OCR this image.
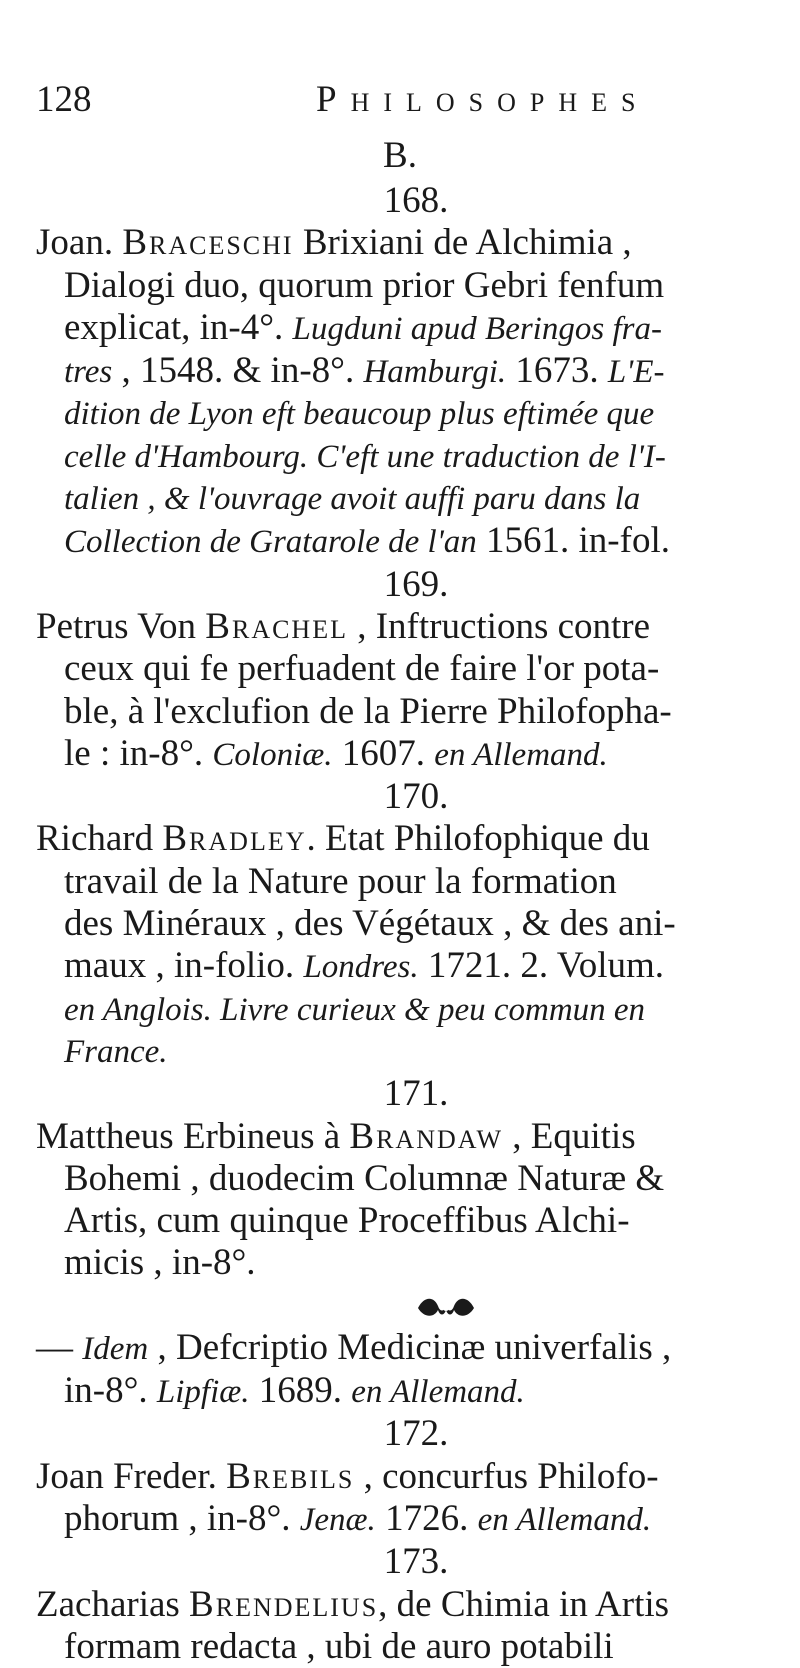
128	Philosophes
B.

168.

Joan. Braceschi Brixiani de Alchimia ,

Dialogi duo, quorum prior Gebri fenfum

explicat, in-4°. Lugduni apud Beringos fra-

tres , 1548. & in-8°. Hamburgi. 1673. L'E-

dition de Lyon eft beaucoup plus eftimée que

celle d'Hambourg. C'eft une traduction de l'I-

talien , & l'ouvrage avoit auffi paru dans la

Collection de Gratarole de l'an 1561. in-fol.

169.

Petrus Von Brachel , Inftructions contre

ceux qui fe perfuadent de faire l'or pota-

ble, à l'exclufion de la Pierre Philofopha-

le : in-8°. Coloniæ. 1607. en Allemand.

170.

Richard Bradley. Etat Philofophique du

travail de la Nature pour la formation

des Minéraux , des Végétaux , & des ani-

maux , in-folio. Londres. 1721. 2. Volum.

en Anglois. Livre curieux & peu commun en

France.

171.

Mattheus Erbineus à Brandaw , Equitis

Bohemi , duodecim Columnæ Naturæ &

Artis, cum quinque Proceffibus Alchi-

micis , in-8°.

— Idem , Defcriptio Medicinæ univerfalis ,

in-8°. Lipfiæ. 1689. en Allemand.

172.

Joan Freder. Brebils , concurfus Philofo-

phorum , in-8°. Jenæ. 1726. en Allemand.

173.

Zacharias Brendelius, de Chimia in Artis

formam redacta , ubi de auro potabili
